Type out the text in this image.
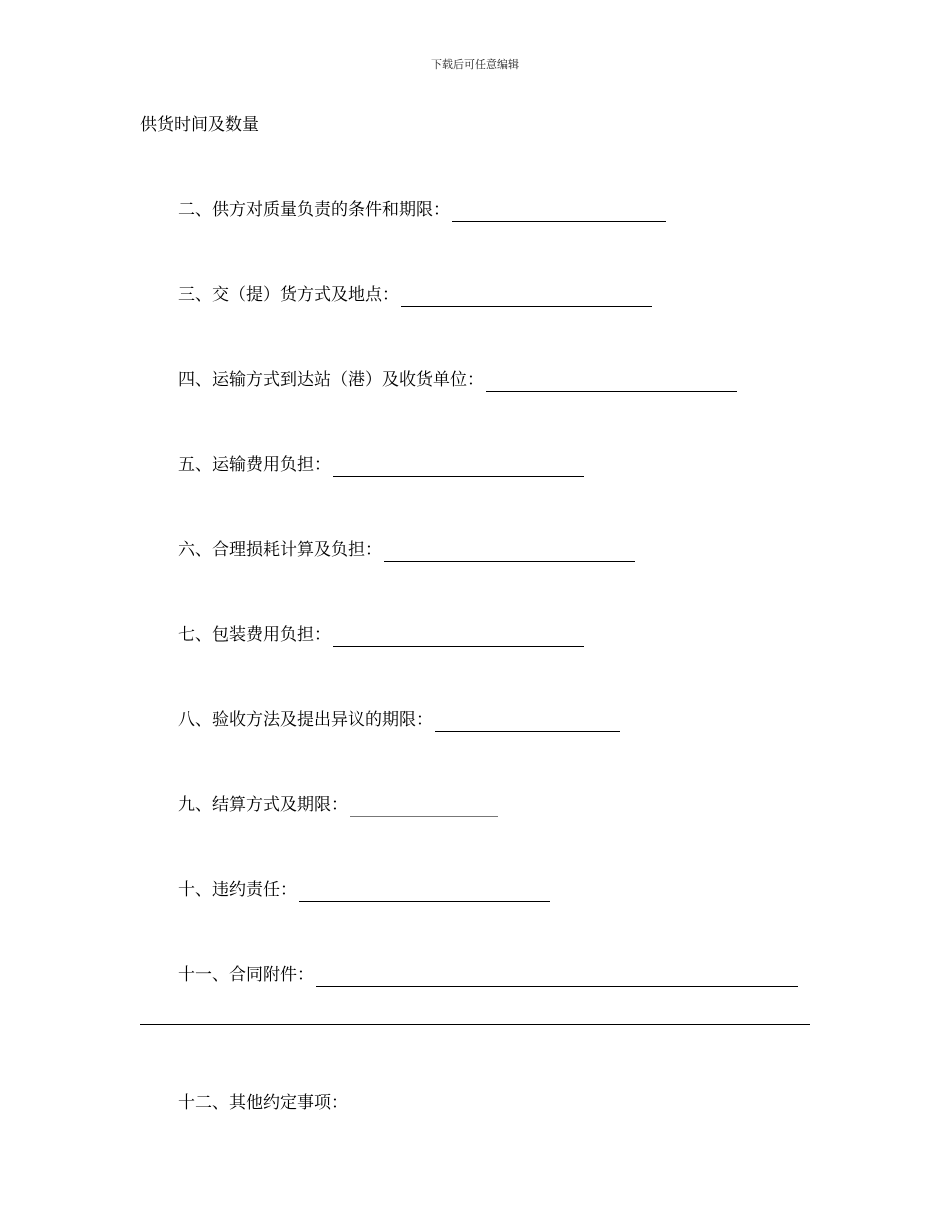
下载后可任意编辑
供货时间及数量
二、供方对质量负责的条件和期限：
三、交（提）货方式及地点：
四、运输方式到达站（港）及收货单位：
五、运输费用负担：
六、合理损耗计算及负担：
七、包装费用负担：
八、验收方法及提出异议的期限：
九、结算方式及期限：
十、违约责任：
十一、合同附件：
十二、其他约定事项：
